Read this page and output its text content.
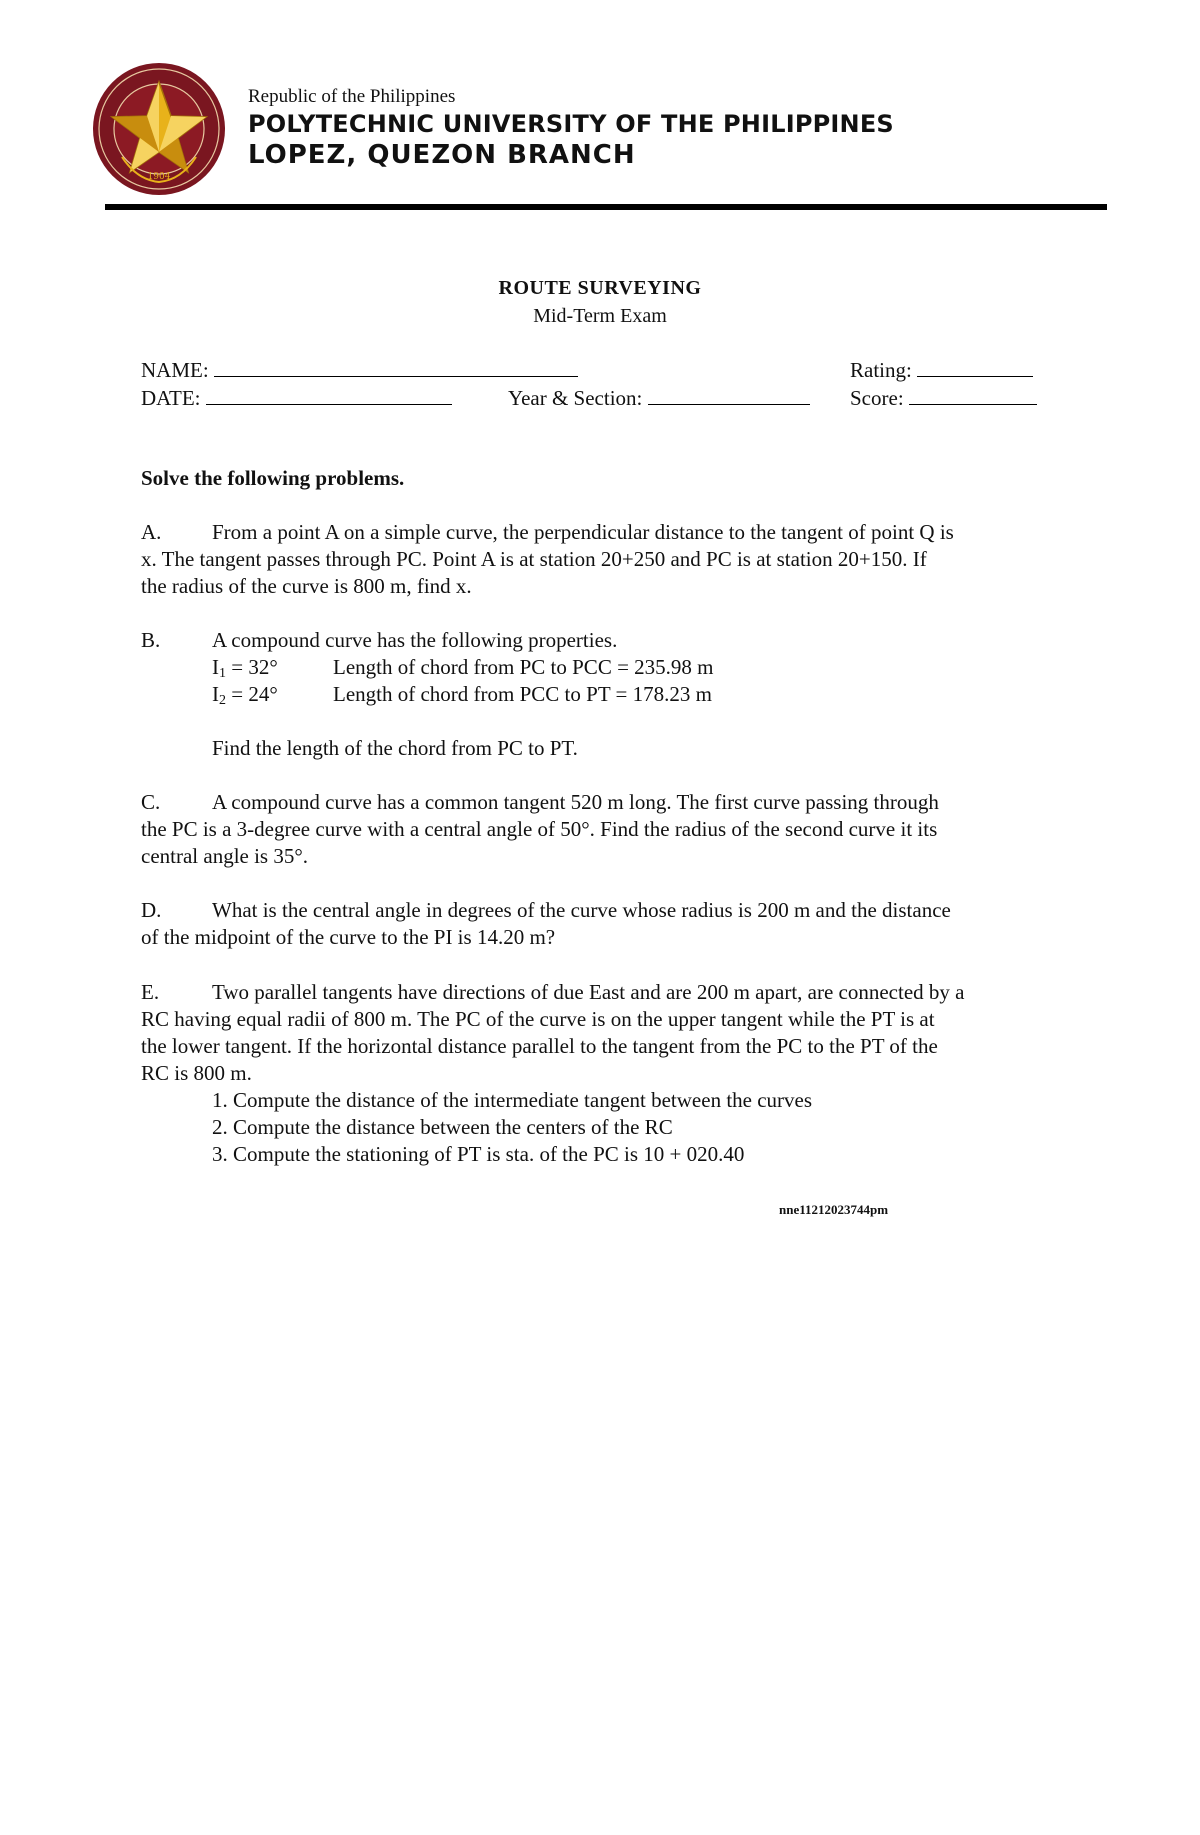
1904
Republic of the Philippines
POLYTECHNIC UNIVERSITY OF THE PHILIPPINES
LOPEZ, QUEZON BRANCH
ROUTE SURVEYING
Mid-Term Exam
NAME:	Rating:
DATE:	Year & Section:	Score:
Solve the following problems.
A. From a point A on a simple curve, the perpendicular distance to the tangent of point Q is
x. The tangent passes through PC. Point A is at station 20+250 and PC is at station 20+150. If
the radius of the curve is 800 m, find x.
B. A compound curve has the following properties.
$I_1 = 32^\circ$	Length of chord from PC to PCC = 235.98 m
$I_2 = 24^\circ$	Length of chord from PCC to PT = 178.23 m
Find the length of the chord from PC to PT.
C. A compound curve has a common tangent 520 m long. The first curve passing through
the PC is a 3-degree curve with a central angle of 50°. Find the radius of the second curve it its
central angle is 35°.
D. What is the central angle in degrees of the curve whose radius is 200 m and the distance
of the midpoint of the curve to the PI is 14.20 m?
E.	Two parallel tangents have directions of due East and are 200 m apart, are connected by a
RC having equal radii of 800 m. The PC of the curve is on the upper tangent while the PT is at
the lower tangent. If the horizontal distance parallel to the tangent from the PC to the PT of the
RC is 800 m.
1. Compute the distance of the intermediate tangent between the curves
2. Compute the distance between the centers of the RC
3. Compute the stationing of PT is sta. of the PC is 10 + 020.40
nne11212023744pm
